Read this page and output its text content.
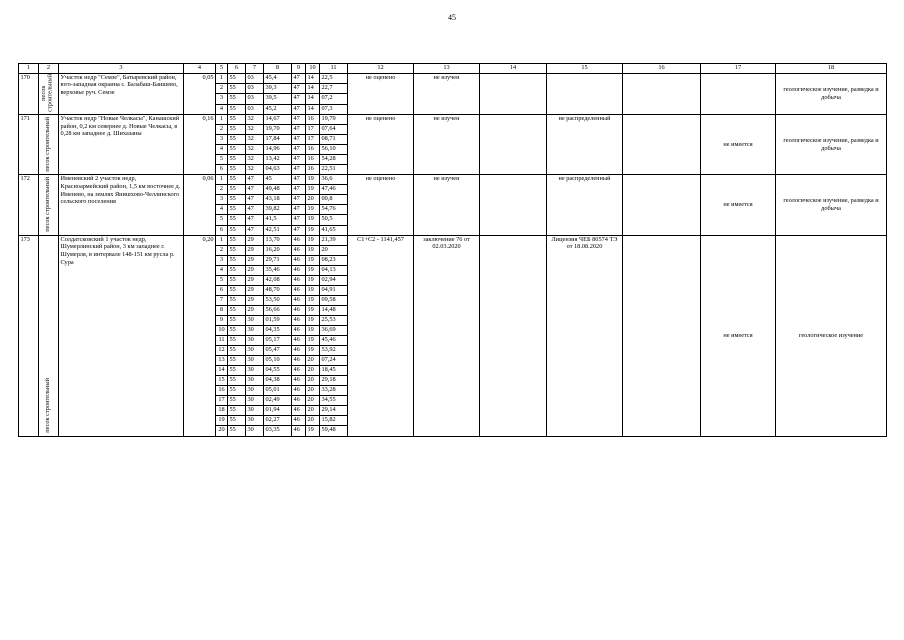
45
1	2	3	4	5	6	7	8	9	10	11	12	13	14	15	16	17	18
170	песок строительный	Участок недр "Семзе", Батыревский район, юго-западная окраина с. Балабаш-Баишево, верховье руч. Семзе	0,05	1	55	03	45,4	47	14	22,5	не оценено	не изучен					геологическое изучение, разведка и добыча
				2	55	03	39,3	47	14	22,7							
				3	55	03	39,5	47	14	07,2							
				4	55	03	45,2	47	14	07,3							
171	песок строительный	Участок недр "Новые Челкасы", Канашский район, 0,2 км севернее д. Новые Челкасы, в 0,28 км западнее д. Шихазаны	0,16	1	55	32	14,67	47	16	19,79	не оценено	не изучен		не распределенный		не имеется	геологическое изучение, разведка и добыча
				2	55	32	19,70	47	17	07,64							
				3	55	32	17,84	47	17	08,71							
				4	55	32	14,96	47	16	56,10							
				5	55	32	13,42	47	16	54,28							
				6	55	32	04,63	47	16	22,51							
172	песок строительный	Именевский 2 участок недр, Красноармейский район, 1,5 км восточнее д. Именево, на землях Янишхово-Челлинского сельского поселения	0,06	1	55	47	45	47	19	36,6	не оценено	не изучен		не распределенный		не имеется	геологическое изучение, разведка и добыча
				2	55	47	49,48	47	19	47,46							
				3	55	47	43,18	47	20	00,8							
				4	55	47	39,82	47	19	54,76							
				5	55	47	41,5	47	19	50,5							
				6	55	47	42,51	47	19	41,65							
173	песок строительный	Солдатсковский 1 участок недр, Шумерлинский район, 3 км западнее г. Шумерля, в интервале 148-151 км русла р. Сура	0,20	1	55	29	13,70	46	19	21,39	С1+С2 - 1141,457	заключение 76 от 02.03.2020		Лицензия ЧЕБ 80574 ТЭ от 18.08.2020		не имеется	геологическое изучение
				2	55	29	16,20	46	19	20							
				3	55	29	29,71	46	19	08,23							
				4	55	29	35,46	46	19	04,13							
				5	55	29	42,08	46	19	02,94							
				6	55	29	48,70	46	19	04,91							
				7	55	29	53,50	46	19	09,58							
				8	55	29	56,66	46	19	14,48							
				9	55	30	01,59	46	19	25,53							
				10	55	30	04,35	46	19	36,69							
				11	55	30	05,17	46	19	45,46							
				12	55	30	05,47	46	19	53,92							
				13	55	30	05,10	46	20	07,24							
				14	55	30	04,55	46	20	18,45							
				15	55	30	04,38	46	20	29,18							
				16	55	30	05,01	46	20	33,28							
				17	55	30	02,49	46	20	34,55							
				18	55	30	01,94	46	20	29,14							
				19	55	30	02,27	46	20	15,82							
				20	55	30	03,35	46	19	59,48							
